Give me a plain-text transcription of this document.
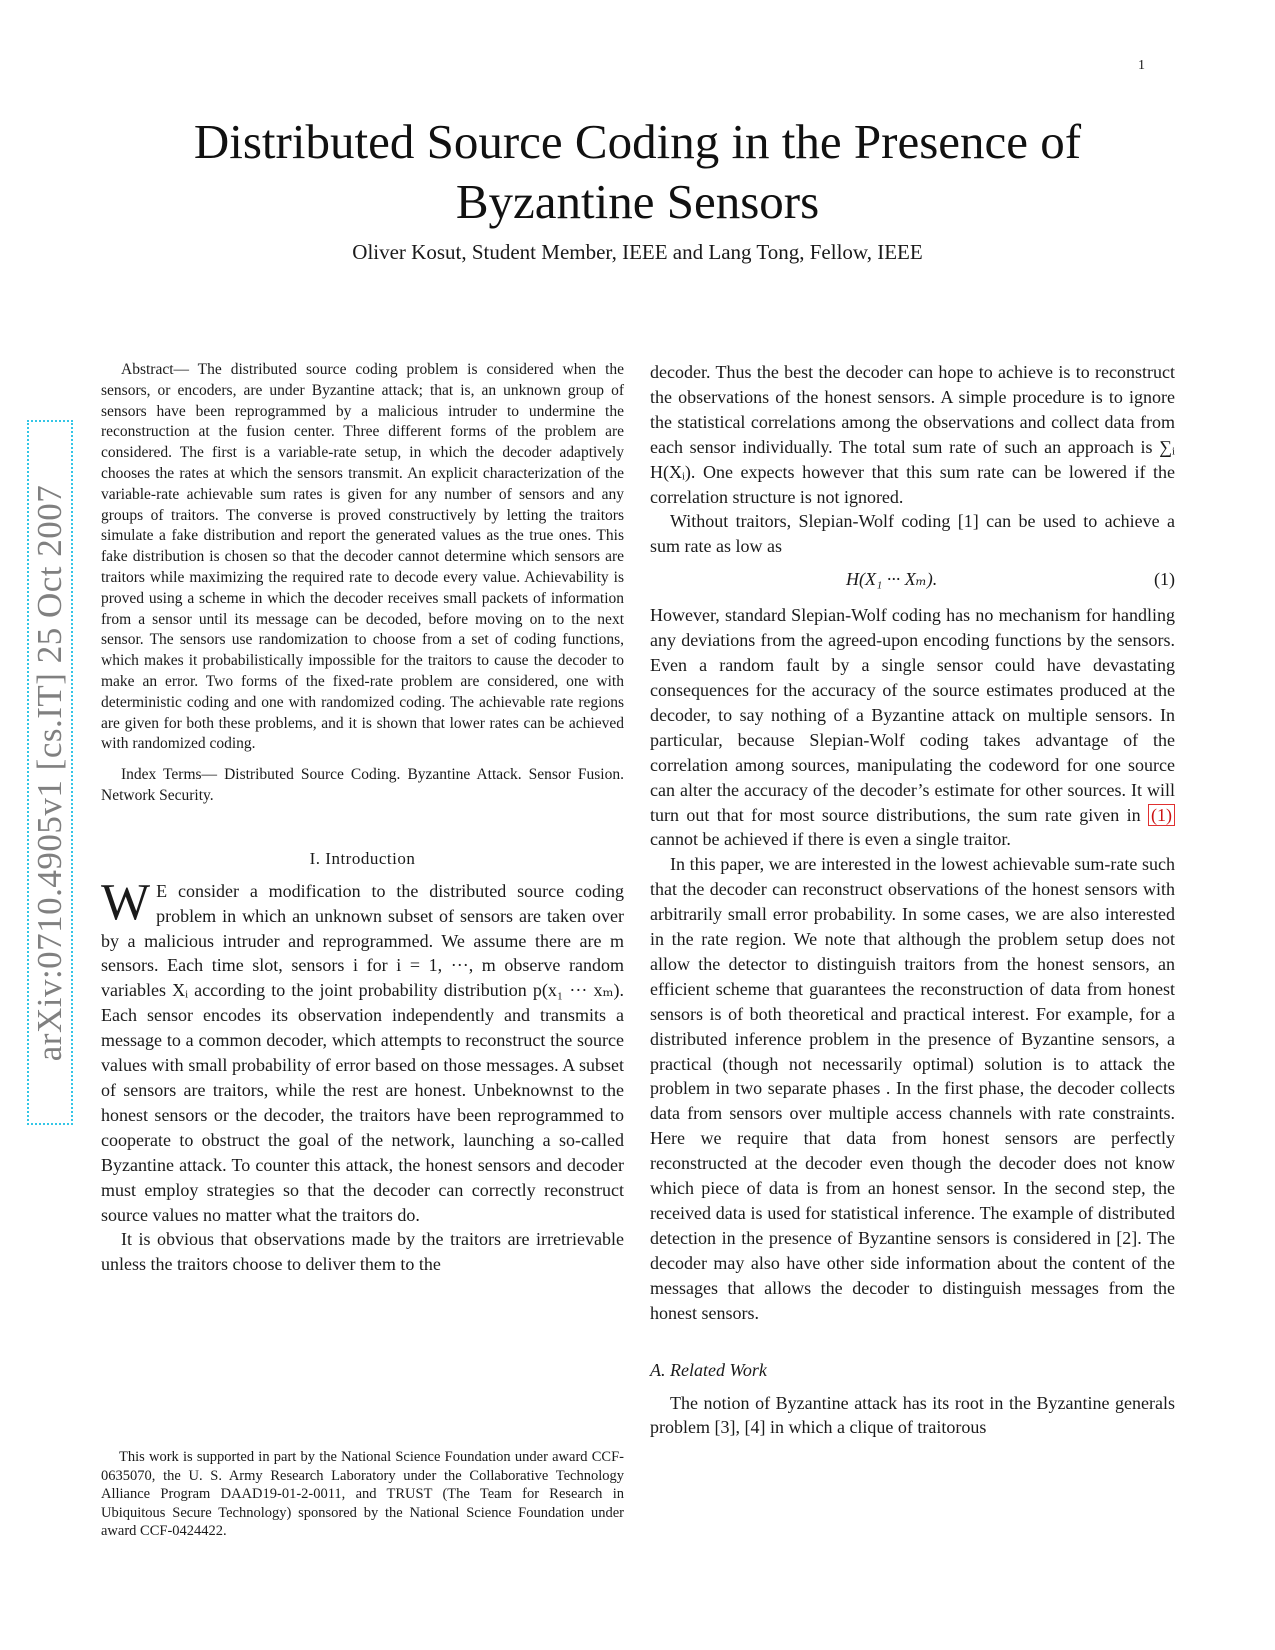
1
arXiv:0710.4905v1 [cs.IT] 25 Oct 2007
Distributed Source Coding in the Presence of Byzantine Sensors
Oliver Kosut, Student Member, IEEE and Lang Tong, Fellow, IEEE

Abstract— The distributed source coding problem is considered when the sensors, or encoders, are under Byzantine attack; that is, an unknown group of sensors have been reprogrammed by a malicious intruder to undermine the reconstruction at the fusion center. Three different forms of the problem are considered. The first is a variable-rate setup, in which the decoder adaptively chooses the rates at which the sensors transmit. An explicit characterization of the variable-rate achievable sum rates is given for any number of sensors and any groups of traitors. The converse is proved constructively by letting the traitors simulate a fake distribution and report the generated values as the true ones. This fake distribution is chosen so that the decoder cannot determine which sensors are traitors while maximizing the required rate to decode every value. Achievability is proved using a scheme in which the decoder receives small packets of information from a sensor until its message can be decoded, before moving on to the next sensor. The sensors use randomization to choose from a set of coding functions, which makes it probabilistically impossible for the traitors to cause the decoder to make an error. Two forms of the fixed-rate problem are considered, one with deterministic coding and one with randomized coding. The achievable rate regions are given for both these problems, and it is shown that lower rates can be achieved with randomized coding.

Index Terms— Distributed Source Coding. Byzantine Attack. Sensor Fusion. Network Security.

I. Introduction

W E consider a modification to the distributed source coding problem in which an unknown subset of sensors are taken over by a malicious intruder and reprogrammed. We assume there are m sensors. Each time slot, sensors i for i = 1, ···, m observe random variables Xᵢ according to the joint probability distribution p(x₁ ··· xₘ). Each sensor encodes its observation independently and transmits a message to a common decoder, which attempts to reconstruct the source values with small probability of error based on those messages. A subset of sensors are traitors, while the rest are honest. Unbeknownst to the honest sensors or the decoder, the traitors have been reprogrammed to cooperate to obstruct the goal of the network, launching a so-called Byzantine attack. To counter this attack, the honest sensors and decoder must employ strategies so that the decoder can correctly reconstruct source values no matter what the traitors do.

It is obvious that observations made by the traitors are irretrievable unless the traitors choose to deliver them to the

decoder. Thus the best the decoder can hope to achieve is to reconstruct the observations of the honest sensors. A simple procedure is to ignore the statistical correlations among the observations and collect data from each sensor individually. The total sum rate of such an approach is ∑ᵢ H(Xᵢ). One expects however that this sum rate can be lowered if the correlation structure is not ignored.

Without traitors, Slepian-Wolf coding [1] can be used to achieve a sum rate as low as

H(X₁ ··· Xₘ).	(1)

However, standard Slepian-Wolf coding has no mechanism for handling any deviations from the agreed-upon encoding functions by the sensors. Even a random fault by a single sensor could have devastating consequences for the accuracy of the source estimates produced at the decoder, to say nothing of a Byzantine attack on multiple sensors. In particular, because Slepian-Wolf coding takes advantage of the correlation among sources, manipulating the codeword for one source can alter the accuracy of the decoder’s estimate for other sources. It will turn out that for most source distributions, the sum rate given in (1) cannot be achieved if there is even a single traitor.

In this paper, we are interested in the lowest achievable sum-rate such that the decoder can reconstruct observations of the honest sensors with arbitrarily small error probability. In some cases, we are also interested in the rate region. We note that although the problem setup does not allow the detector to distinguish traitors from the honest sensors, an efficient scheme that guarantees the reconstruction of data from honest sensors is of both theoretical and practical interest. For example, for a distributed inference problem in the presence of Byzantine sensors, a practical (though not necessarily optimal) solution is to attack the problem in two separate phases . In the first phase, the decoder collects data from sensors over multiple access channels with rate constraints. Here we require that data from honest sensors are perfectly reconstructed at the decoder even though the decoder does not know which piece of data is from an honest sensor. In the second step, the received data is used for statistical inference. The example of distributed detection in the presence of Byzantine sensors is considered in [2]. The decoder may also have other side information about the content of the messages that allows the decoder to distinguish messages from the honest sensors.

A. Related Work

The notion of Byzantine attack has its root in the Byzantine generals problem [3], [4] in which a clique of traitorous

This work is supported in part by the National Science Foundation under award CCF-0635070, the U. S. Army Research Laboratory under the Collaborative Technology Alliance Program DAAD19-01-2-0011, and TRUST (The Team for Research in Ubiquitous Secure Technology) sponsored by the National Science Foundation under award CCF-0424422.
